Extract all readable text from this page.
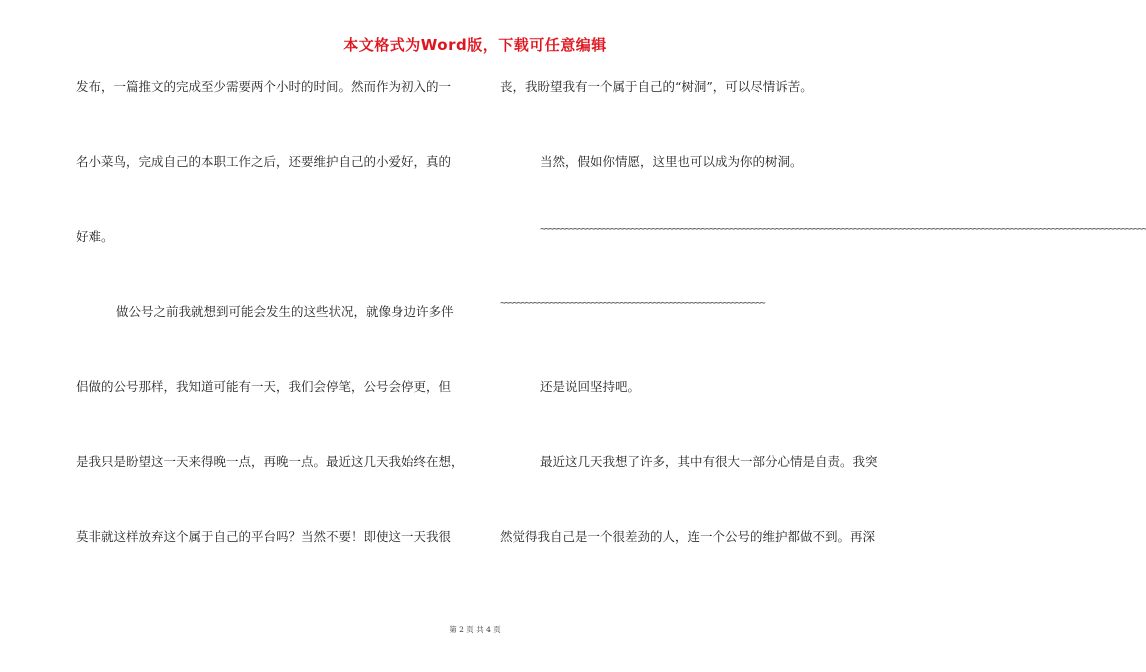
本文格式为Word版，下载可任意编辑
发布，一篇推文的完成至少需要两个小时的时间。然而作为初入的一
名小菜鸟，完成自己的本职工作之后，还要维护自己的小爱好，真的
好难。
做公号之前我就想到可能会发生的这些状况，就像身边许多伴
侣做的公号那样，我知道可能有一天，我们会停笔，公号会停更，但
是我只是盼望这一天来得晚一点，再晚一点。最近这几天我始终在想，
莫非就这样放弃这个属于自己的平台吗？当然不要！即使这一天我很
丧，我盼望我有一个属于自己的“树洞”，可以尽情诉苦。
当然，假如你情愿，这里也可以成为你的树洞。
~~~~~~~~~~~~~~~~~~~~~~~~~~~~~~~~~~~~~~~~~~~~~~~~~~~~~~~~~~~~~~~~~~~~~~~~~~~~~~~~~~~~~~~~~~~~~~~~~~~~~~~~~~~~~~~~~~~~~~~~~~~~~~~~~~~~~~~~~~~~~~~~~~~
~~~~~~~~~~~~~~~~~~~~~~~~~~~~~~~~~~~~~~~~~~~~~~~~~~~~~~~~~~~~~~~~
还是说回坚持吧。
最近这几天我想了许多，其中有很大一部分心情是自责。我突
然觉得我自己是一个很差劲的人，连一个公号的维护都做不到。再深
第 2 页 共 4 页
